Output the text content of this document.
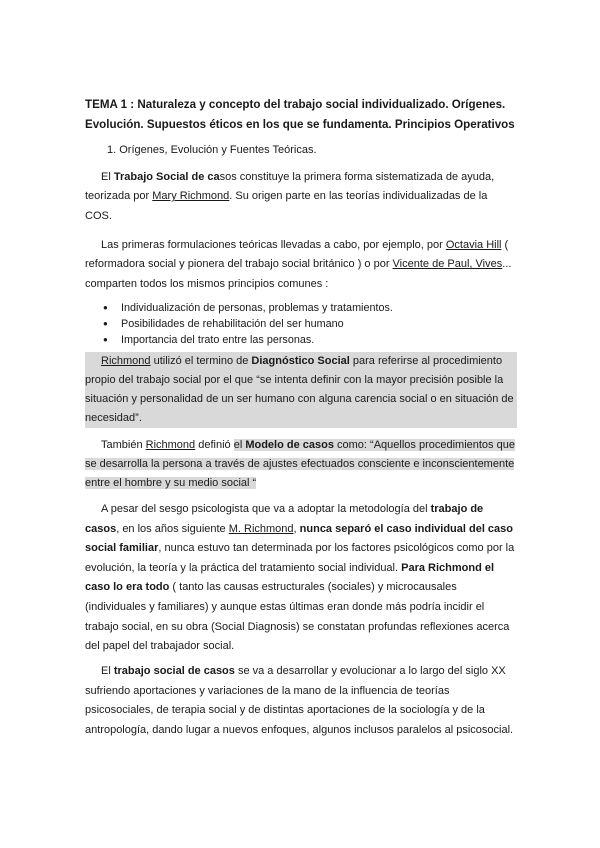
TEMA 1 : Naturaleza y concepto del trabajo social individualizado. Orígenes.
Evolución. Supuestos éticos en los que se fundamenta. Principios Operativos
1. Orígenes, Evolución y Fuentes Teóricas.
El Trabajo Social de casos constituye la primera forma sistematizada de ayuda, teorizada por Mary Richmond. Su origen parte en las teorías individualizadas de la COS.
Las primeras formulaciones teóricas llevadas a cabo, por ejemplo, por Octavia Hill ( reformadora social y pionera del trabajo social británico ) o por Vicente de Paul, Vives... comparten todos los mismos principios comunes :
● Individualización de personas, problemas y tratamientos.
● Posibilidades de rehabilitación del ser humano
● Importancia del trato entre las personas.
Richmond utilizó el termino de Diagnóstico Social para referirse al procedimiento propio del trabajo social por el que “se intenta definir con la mayor precisión posible la situación y personalidad de un ser humano con alguna carencia social o en situación de necesidad”.
También Richmond definió el Modelo de casos como: “Aquellos procedimientos que se desarrolla la persona a través de ajustes efectuados consciente e inconscientemente entre el hombre y su medio social “
A pesar del sesgo psicologista que va a adoptar la metodología del trabajo de casos, en los años siguiente M. Richmond, nunca separó el caso individual del caso social familiar, nunca estuvo tan determinada por los factores psicológicos como por la evolución, la teoría y la práctica del tratamiento social individual. Para Richmond el caso lo era todo ( tanto las causas estructurales (sociales) y microcausales (individuales y familiares) y aunque estas últimas eran donde más podría incidir el trabajo social, en su obra (Social Diagnosis) se constatan profundas reflexiones acerca del papel del trabajador social.
El trabajo social de casos se va a desarrollar y evolucionar a lo largo del siglo XX sufriendo aportaciones y variaciones de la mano de la influencia de teorías psicosociales, de terapia social y de distintas aportaciones de la sociología y de la antropología, dando lugar a nuevos enfoques, algunos inclusos paralelos al psicosocial.
